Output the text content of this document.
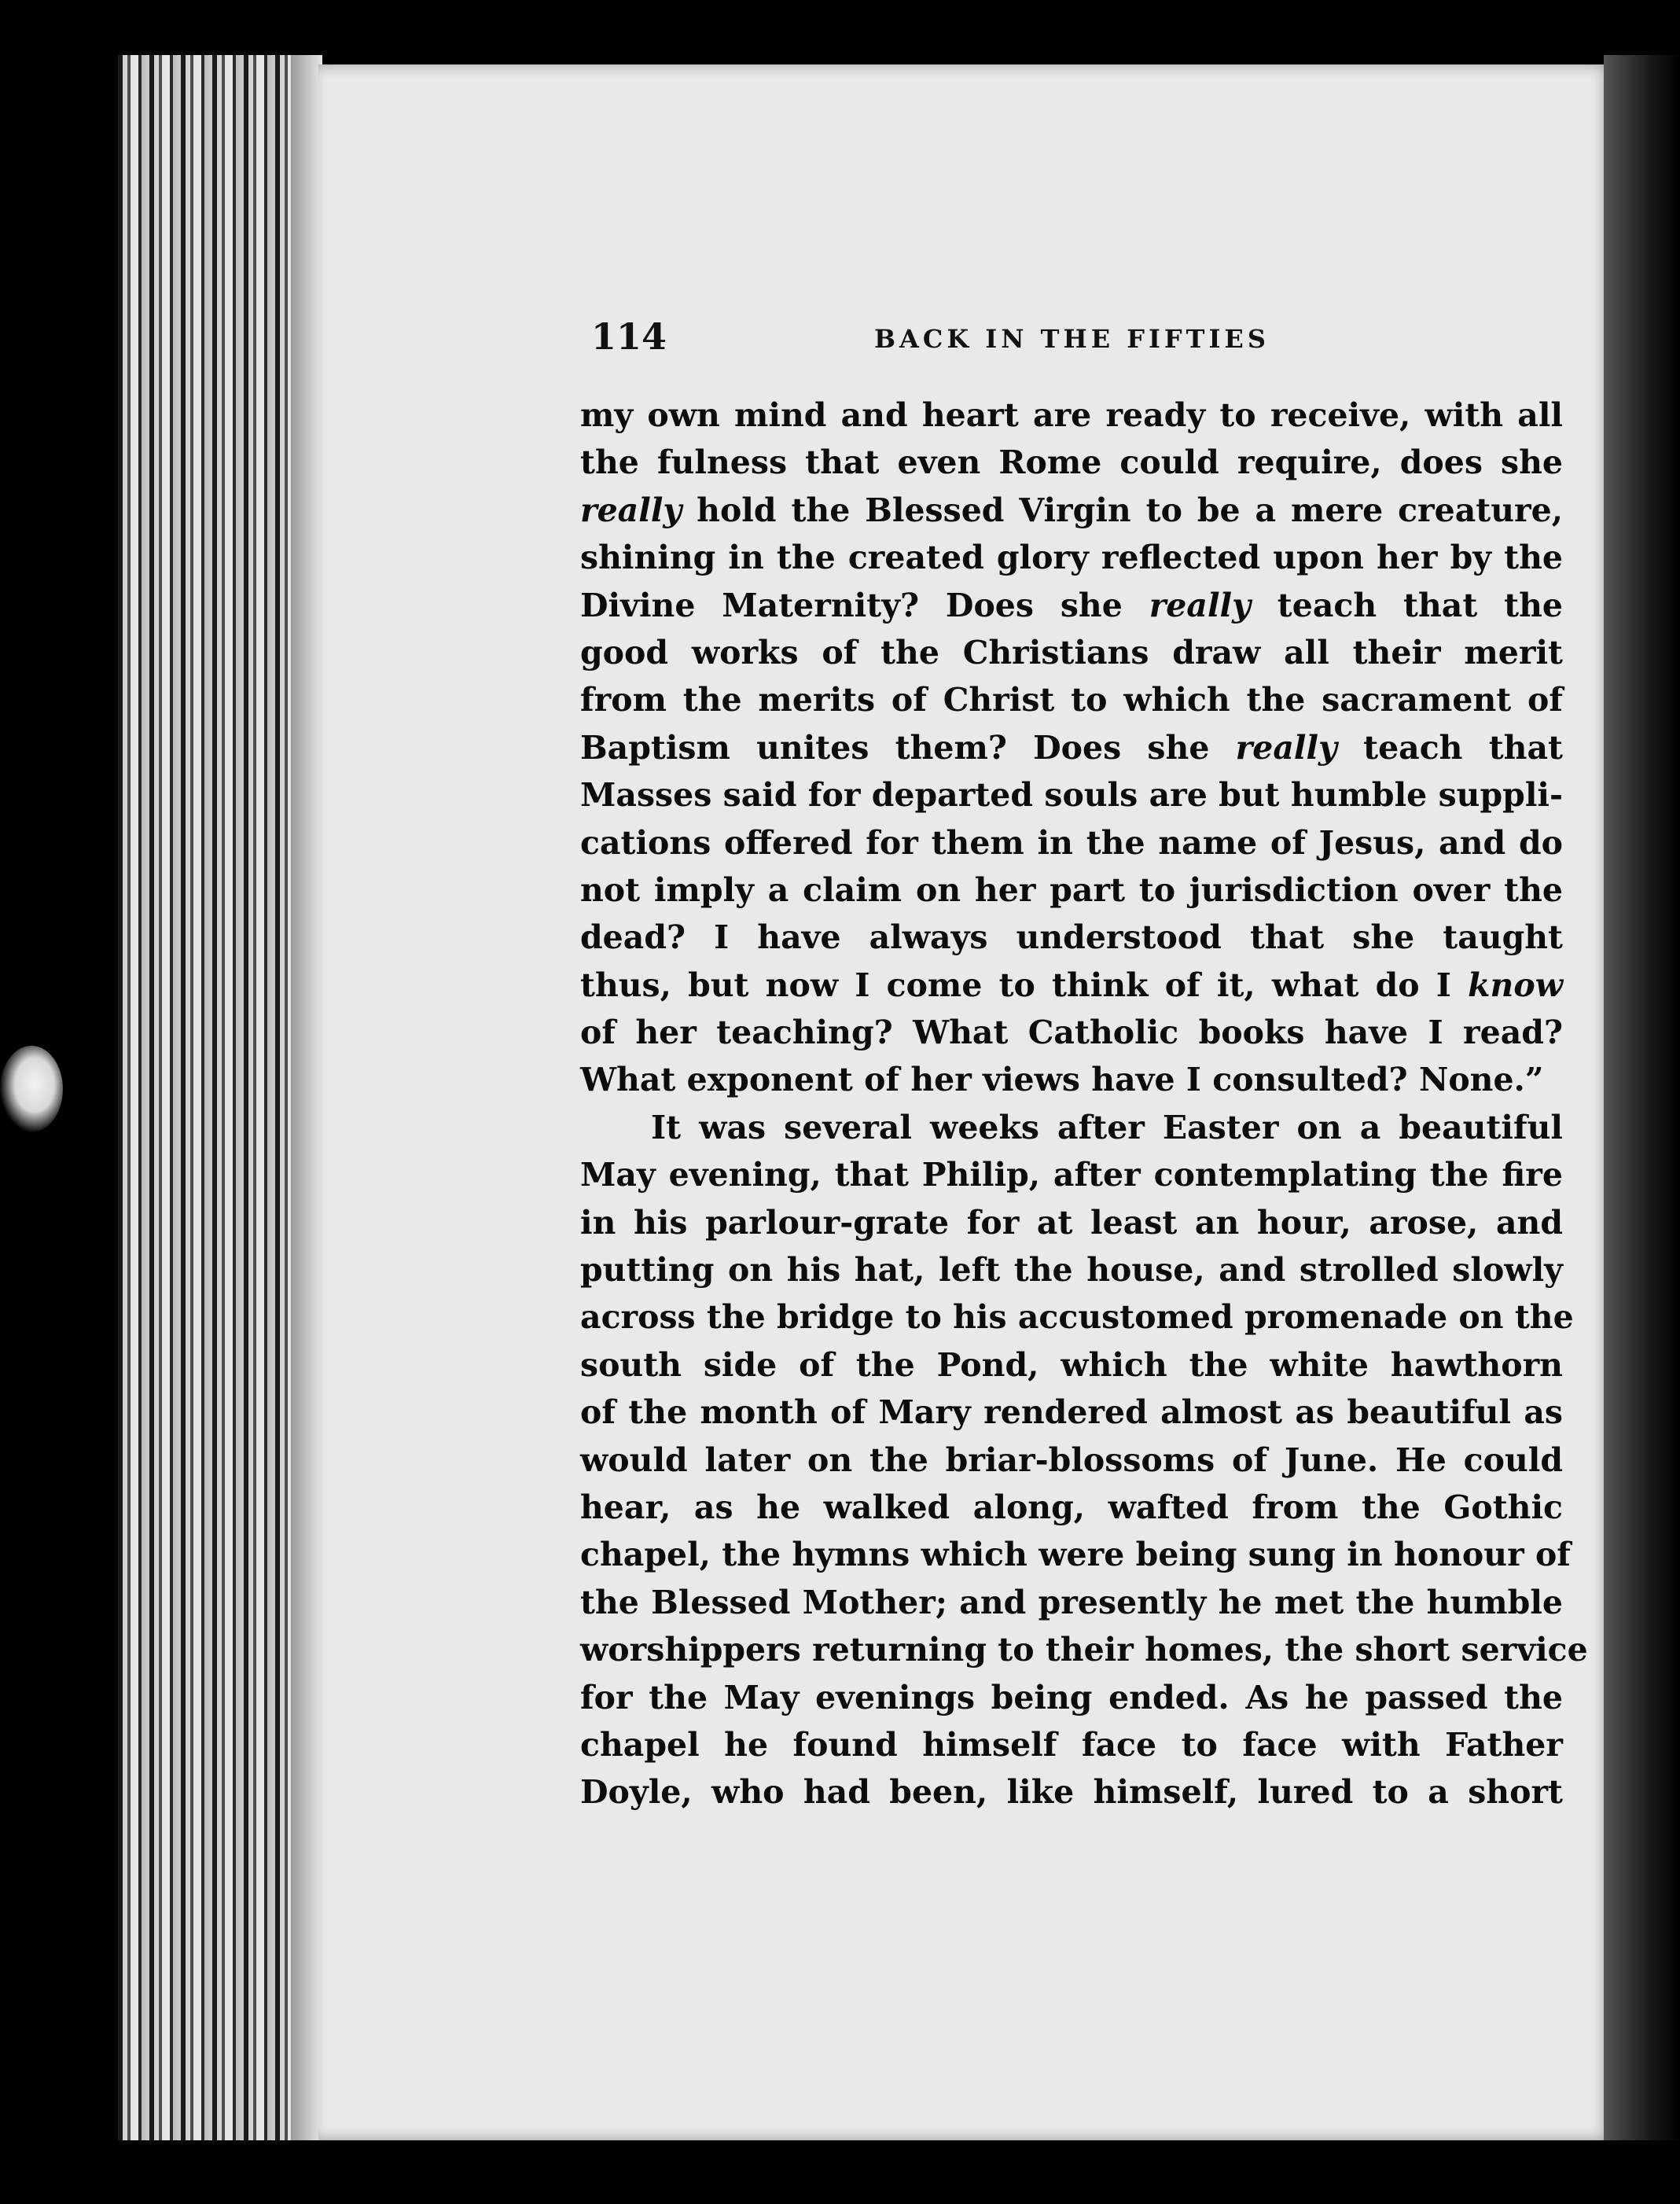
114	BACK IN THE FIFTIES
my own mind and heart are ready to receive, with all
the fulness that even Rome could require, does she
really hold the Blessed Virgin to be a mere creature,
shining in the created glory reflected upon her by the
Divine Maternity? Does she really teach that the
good works of the Christians draw all their merit
from the merits of Christ to which the sacrament of
Baptism unites them? Does she really teach that
Masses said for departed souls are but humble suppli-
cations offered for them in the name of Jesus, and do
not imply a claim on her part to jurisdiction over the
dead? I have always understood that she taught
thus, but now I come to think of it, what do I know
of her teaching? What Catholic books have I read?
What exponent of her views have I consulted? None.”
It was several weeks after Easter on a beautiful
May evening, that Philip, after contemplating the fire
in his parlour-grate for at least an hour, arose, and
putting on his hat, left the house, and strolled slowly
across the bridge to his accustomed promenade on the
south side of the Pond, which the white hawthorn
of the month of Mary rendered almost as beautiful as
would later on the briar-blossoms of June. He could
hear, as he walked along, wafted from the Gothic
chapel, the hymns which were being sung in honour of
the Blessed Mother; and presently he met the humble
worshippers returning to their homes, the short service
for the May evenings being ended. As he passed the
chapel he found himself face to face with Father
Doyle, who had been, like himself, lured to a short
